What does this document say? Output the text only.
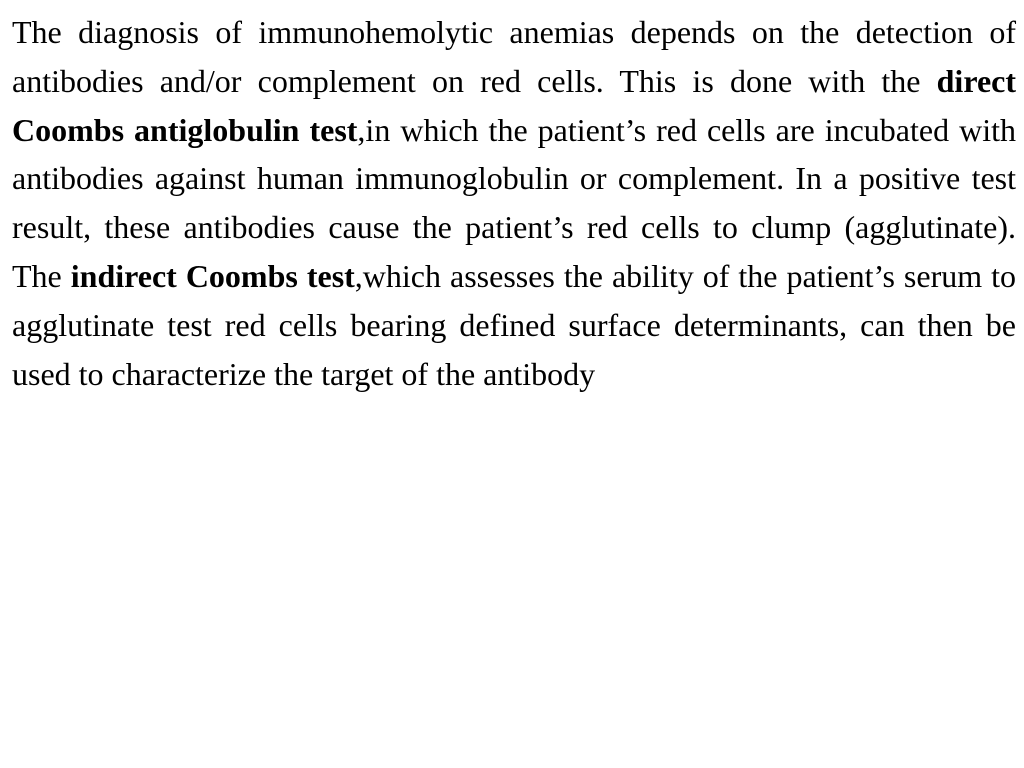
The diagnosis of immunohemolytic anemias depends on the detection of antibodies and/or complement on red cells. This is done with the direct Coombs antiglobulin test,in which the patient’s red cells are incubated with antibodies against human immunoglobulin or complement. In a positive test result, these antibodies cause the patient’s red cells to clump (agglutinate). The indirect Coombs test,which assesses the ability of the patient’s serum to agglutinate test red cells bearing defined surface determinants, can then be used to characterize the target of the antibody
